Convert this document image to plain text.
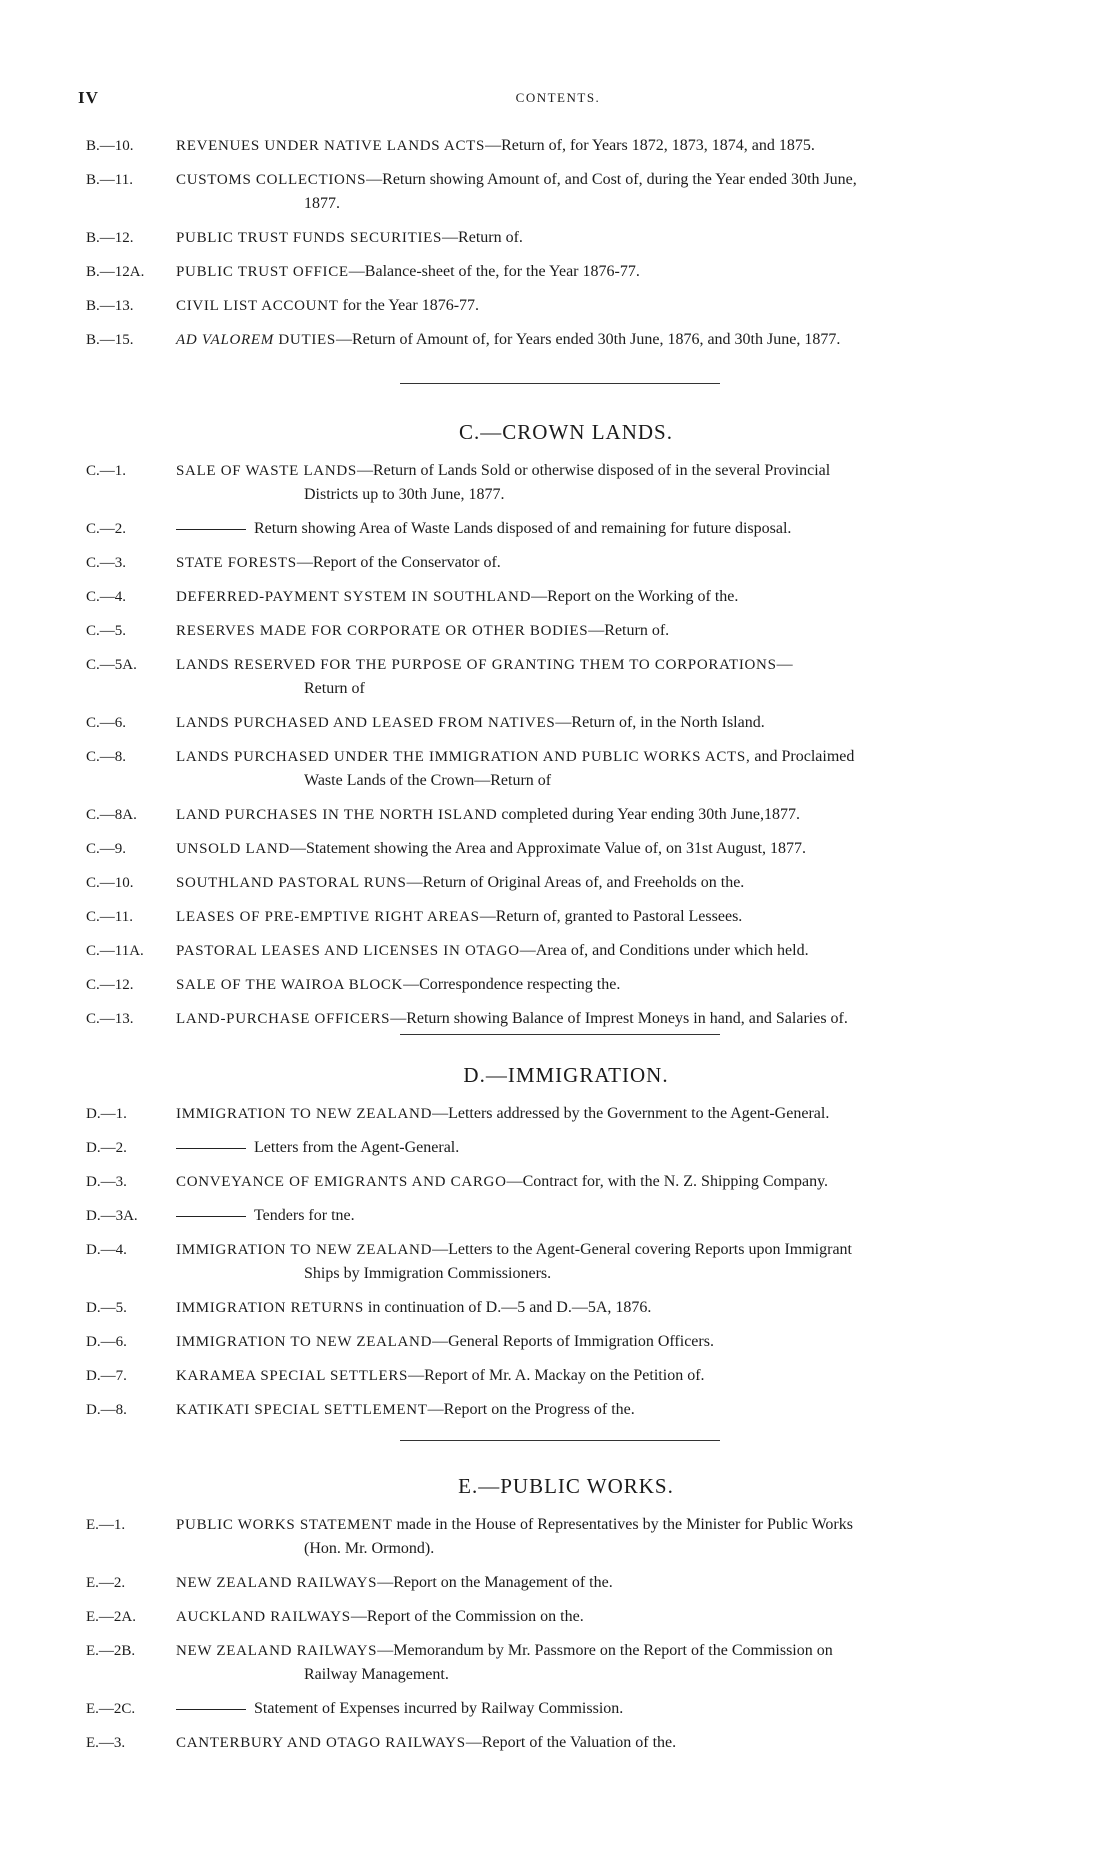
IV	CONTENTS.
B.—10.	REVENUES UNDER NATIVE LANDS ACTS—Return of, for Years 1872, 1873, 1874, and 1875.
B.—11.	CUSTOMS COLLECTIONS—Return showing Amount of, and Cost of, during the Year ended 30th June,
1877.
B.—12.	PUBLIC TRUST FUNDS SECURITIES—Return of.
B.—12A.	PUBLIC TRUST OFFICE—Balance-sheet of the, for the Year 1876-77.
B.—13.	CIVIL LIST ACCOUNT for the Year 1876-77.
B.—15.	AD VALOREM DUTIES—Return of Amount of, for Years ended 30th June, 1876, and 30th June, 1877.
C.—CROWN LANDS.
C.—1.	SALE OF WASTE LANDS—Return of Lands Sold or otherwise disposed of in the several Provincial
Districts up to 30th June, 1877.
C.—2.	Return showing Area of Waste Lands disposed of and remaining for future disposal.
C.—3.	STATE FORESTS—Report of the Conservator of.
C.—4.	DEFERRED-PAYMENT SYSTEM IN SOUTHLAND—Report on the Working of the.
C.—5.	RESERVES MADE FOR CORPORATE OR OTHER BODIES—Return of.
C.—5A.	LANDS RESERVED FOR THE PURPOSE OF GRANTING THEM TO CORPORATIONS—
Return of
C.—6.	LANDS PURCHASED AND LEASED FROM NATIVES—Return of, in the North Island.
C.—8.	LANDS PURCHASED UNDER THE IMMIGRATION AND PUBLIC WORKS ACTS, and Proclaimed
Waste Lands of the Crown—Return of
C.—8A.	LAND PURCHASES IN THE NORTH ISLAND completed during Year ending 30th June,1877.
C.—9.	UNSOLD LAND—Statement showing the Area and Approximate Value of, on 31st August, 1877.
C.—10.	SOUTHLAND PASTORAL RUNS—Return of Original Areas of, and Freeholds on the.
C.—11.	LEASES OF PRE-EMPTIVE RIGHT AREAS—Return of, granted to Pastoral Lessees.
C.—11A.	PASTORAL LEASES AND LICENSES IN OTAGO—Area of, and Conditions under which held.
C.—12.	SALE OF THE WAIROA BLOCK—Correspondence respecting the.
C.—13.	LAND-PURCHASE OFFICERS—Return showing Balance of Imprest Moneys in hand, and Salaries of.
D.—IMMIGRATION.
D.—1.	IMMIGRATION TO NEW ZEALAND—Letters addressed by the Government to the Agent-General.
D.—2.	Letters from the Agent-General.
D.—3.	CONVEYANCE OF EMIGRANTS AND CARGO—Contract for, with the N. Z. Shipping Company.
D.—3A.	Tenders for tne.
D.—4.	IMMIGRATION TO NEW ZEALAND—Letters to the Agent-General covering Reports upon Immigrant
Ships by Immigration Commissioners.
D.—5.	IMMIGRATION RETURNS in continuation of D.—5 and D.—5A, 1876.
D.—6.	IMMIGRATION TO NEW ZEALAND—General Reports of Immigration Officers.
D.—7.	KARAMEA SPECIAL SETTLERS—Report of Mr. A. Mackay on the Petition of.
D.—8.	KATIKATI SPECIAL SETTLEMENT—Report on the Progress of the.
E.—PUBLIC WORKS.
E.—1.	PUBLIC WORKS STATEMENT made in the House of Representatives by the Minister for Public Works
(Hon. Mr. Ormond).
E.—2.	NEW ZEALAND RAILWAYS—Report on the Management of the.
E.—2A.	AUCKLAND RAILWAYS—Report of the Commission on the.
E.—2B.	NEW ZEALAND RAILWAYS—Memorandum by Mr. Passmore on the Report of the Commission on
Railway Management.
E.—2C.	Statement of Expenses incurred by Railway Commission.
E.—3.	CANTERBURY AND OTAGO RAILWAYS—Report of the Valuation of the.
